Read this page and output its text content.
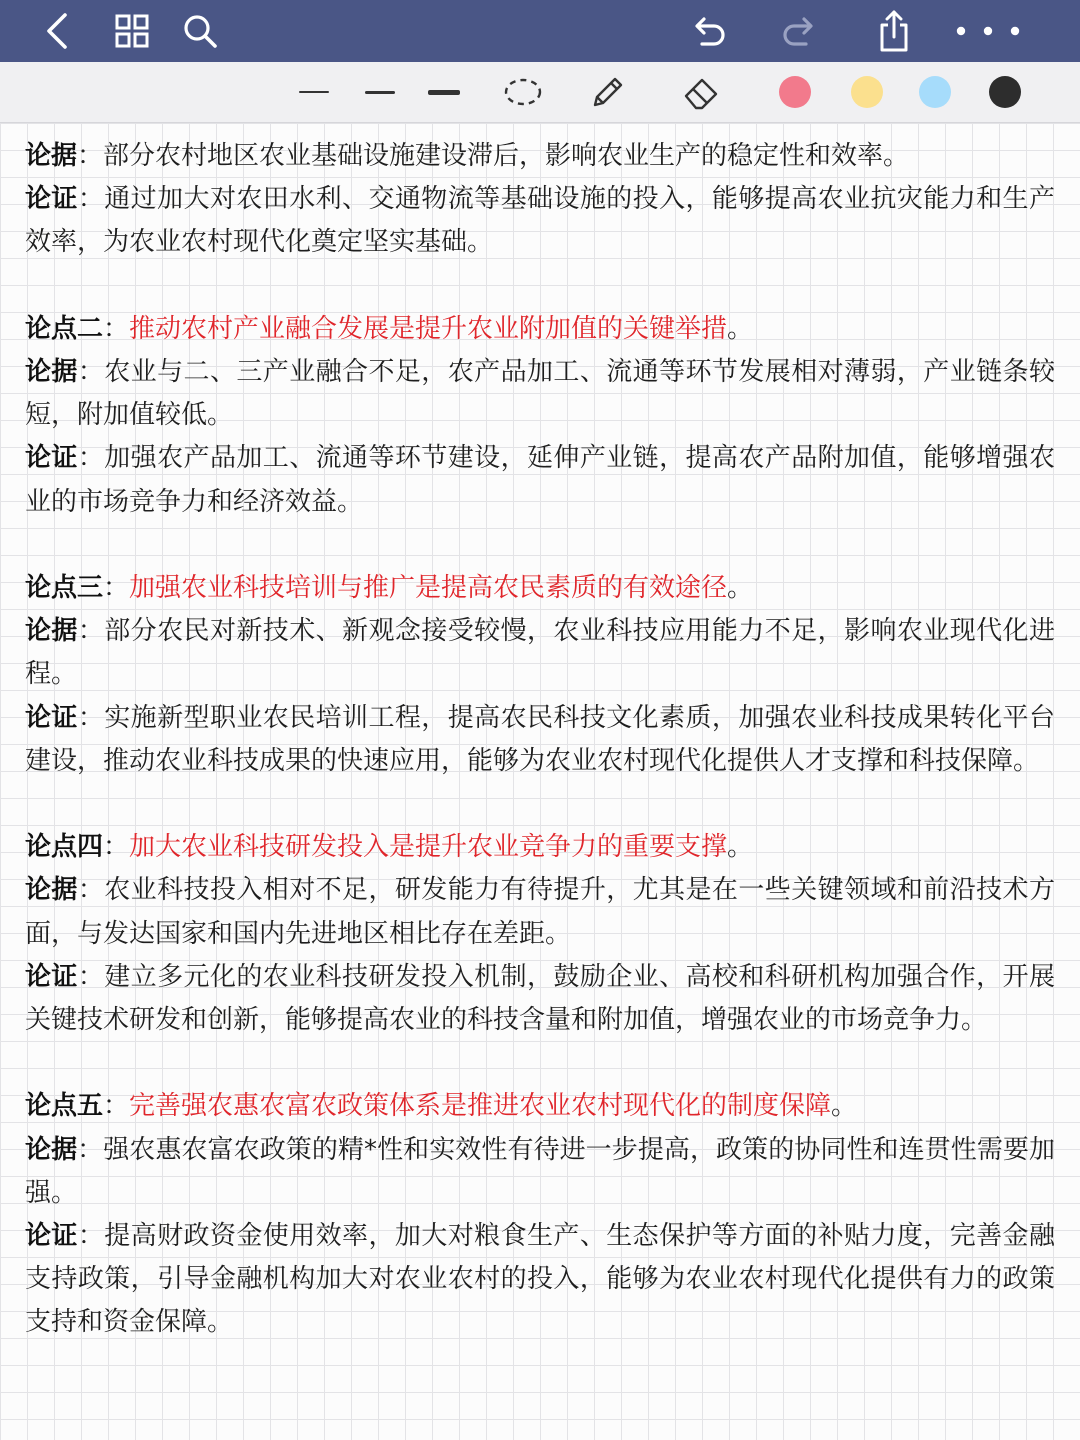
论据：部分农村地区农业基础设施建设滞后，影响农业生产的稳定性和效率。

论证：通过加大对农田水利、交通物流等基础设施的投入，能够提高农业抗灾能力和生产效率，为农业农村现代化奠定坚实基础。

论点二：推动农村产业融合发展是提升农业附加值的关键举措。

论据：农业与二、三产业融合不足，农产品加工、流通等环节发展相对薄弱，产业链条较短，附加值较低。

论证：加强农产品加工、流通等环节建设，延伸产业链，提高农产品附加值，能够增强农业的市场竞争力和经济效益。

论点三：加强农业科技培训与推广是提高农民素质的有效途径。

论据：部分农民对新技术、新观念接受较慢，农业科技应用能力不足，影响农业现代化进程。

论证：实施新型职业农民培训工程，提高农民科技文化素质，加强农业科技成果转化平台建设，推动农业科技成果的快速应用，能够为农业农村现代化提供人才支撑和科技保障。

论点四：加大农业科技研发投入是提升农业竞争力的重要支撑。

论据：农业科技投入相对不足，研发能力有待提升，尤其是在一些关键领域和前沿技术方面，与发达国家和国内先进地区相比存在差距。

论证：建立多元化的农业科技研发投入机制，鼓励企业、高校和科研机构加强合作，开展关键技术研发和创新，能够提高农业的科技含量和附加值，增强农业的市场竞争力。

论点五：完善强农惠农富农政策体系是推进农业农村现代化的制度保障。

论据：强农惠农富农政策的精*性和实效性有待进一步提高，政策的协同性和连贯性需要加强。

论证：提高财政资金使用效率，加大对粮食生产、生态保护等方面的补贴力度，完善金融支持政策，引导金融机构加大对农业农村的投入，能够为农业农村现代化提供有力的政策支持和资金保障。
